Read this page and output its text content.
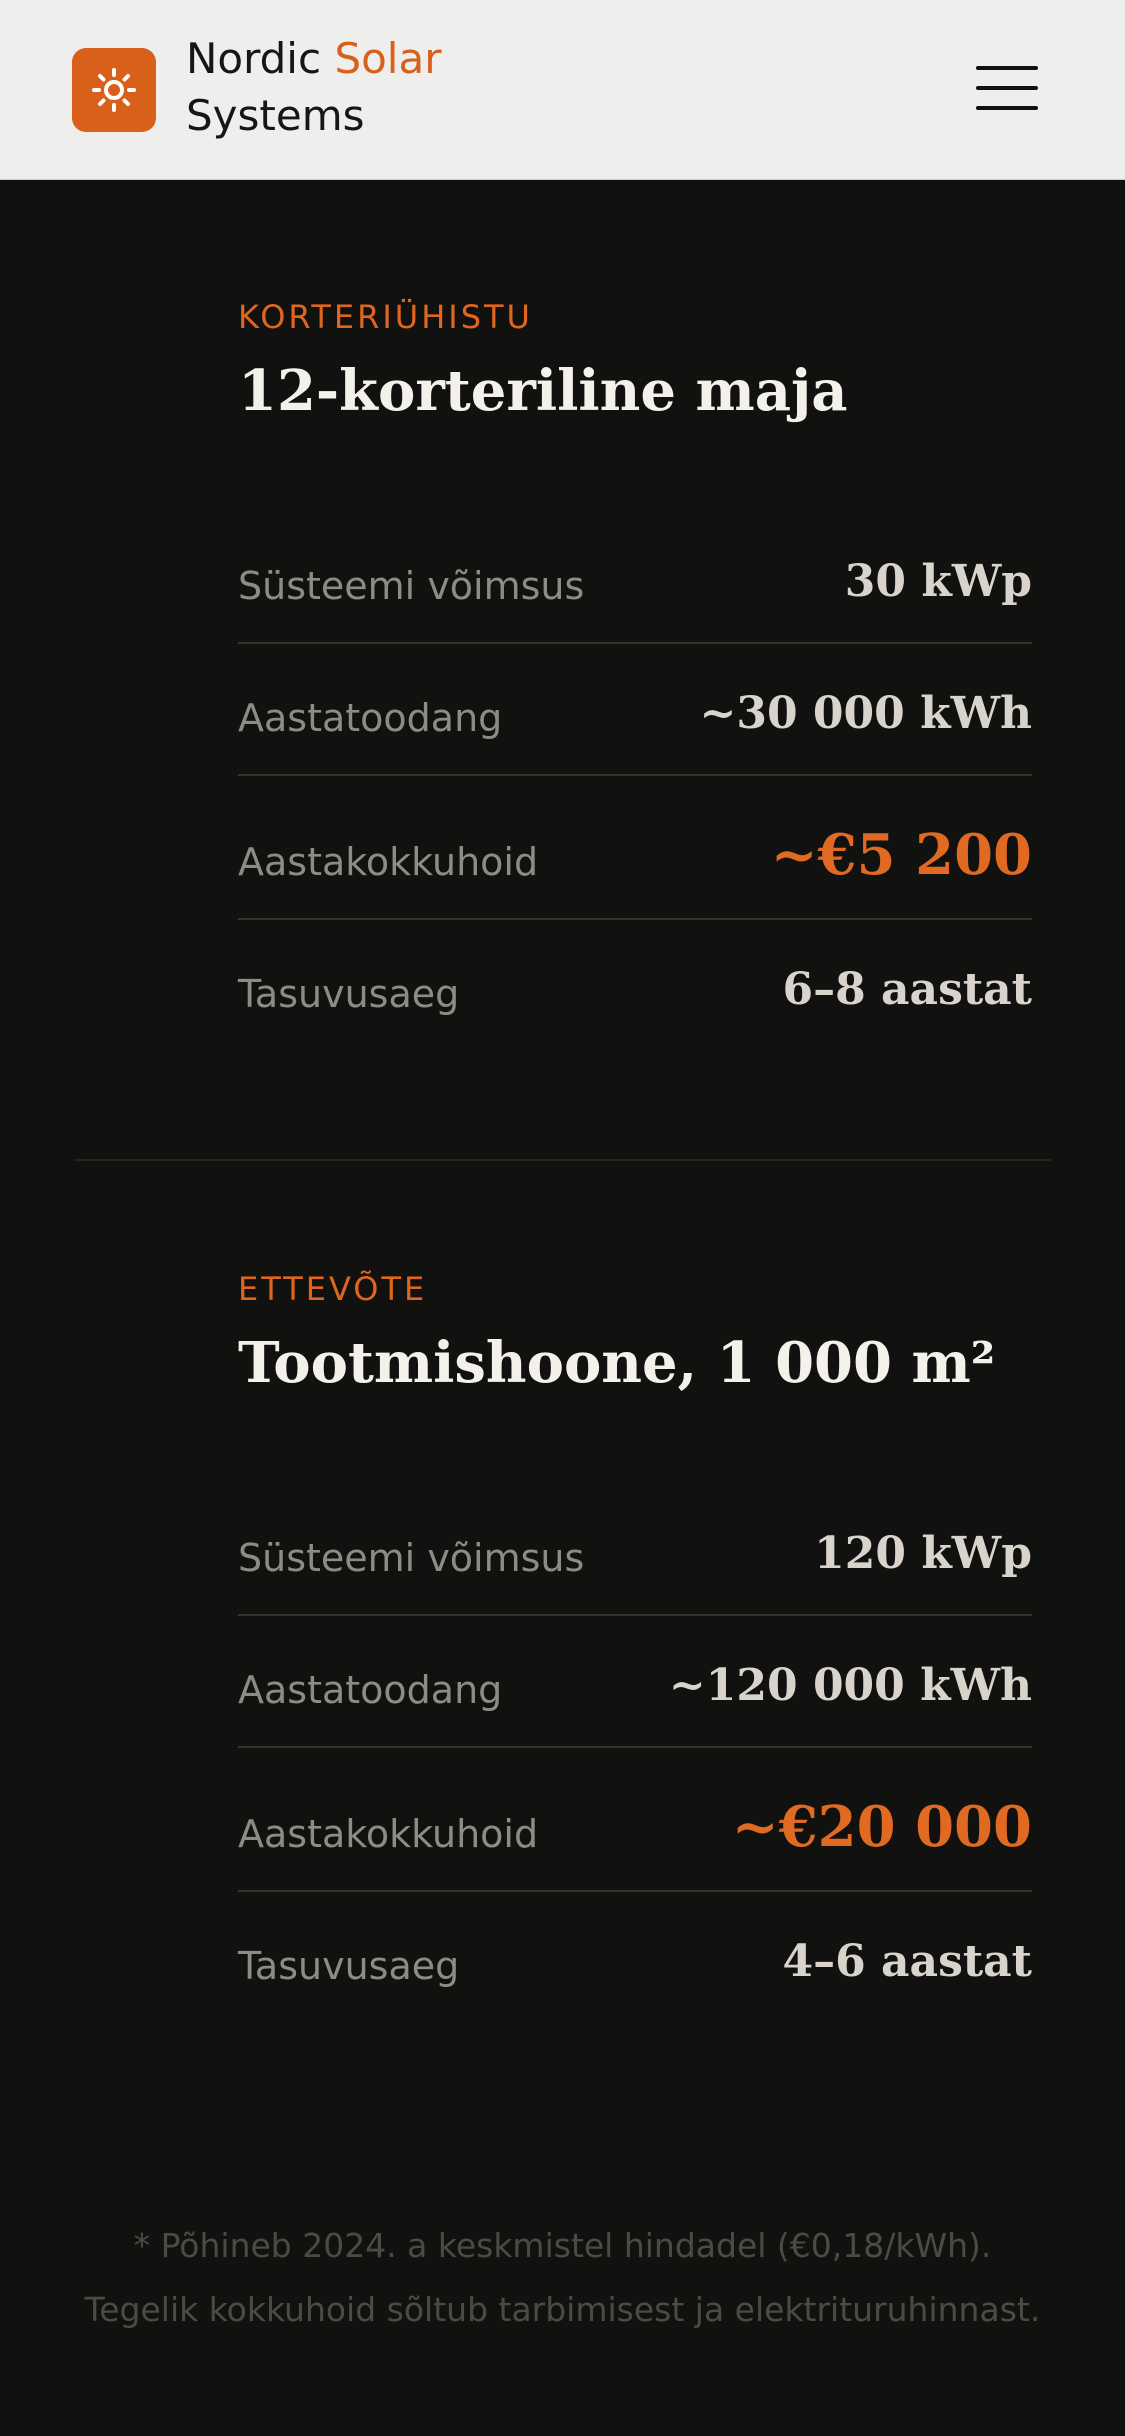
Nordic Solar
Systems
ETTEVÕTE
Tootmishoone, 1 000 m²
Süsteemi võimsus	120 kWp
Aastatoodang	~120 000 kWh
Aastakokkuhoid	~€20 000
Tasuvusaeg	4–6 aastat
* Põhineb 2024. a keskmistel hindadel (€0,18/kWh).
Tegelik kokkuhoid sõltub tarbimisest ja elektrituruhinnast.
KORTERIÜHISTU
12-korteriline maja
Süsteemi võimsus	30 kWp
Aastatoodang	~30 000 kWh
Aastakokkuhoid	~€5 200
Tasuvusaeg	6–8 aastat
